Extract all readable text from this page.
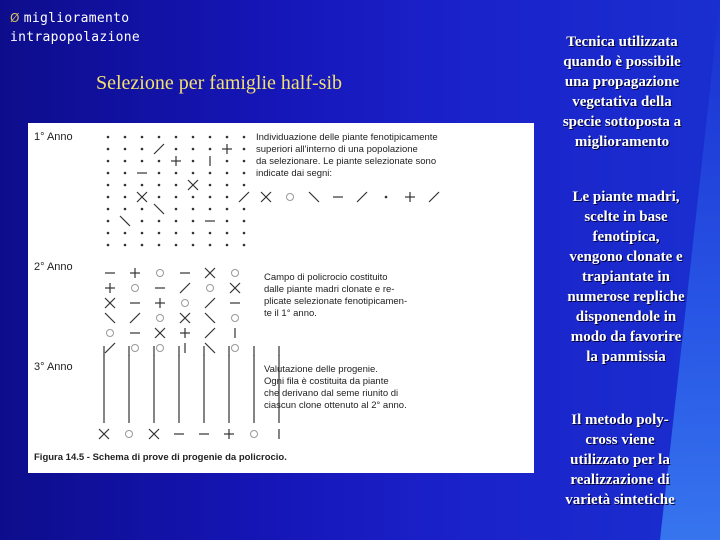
Ø miglioramento
intrapopolazione
Selezione per famiglie half-sib
1° Anno
2° Anno
3° Anno
Individuazione delle piante fenotipicamente
superiori all'interno di una popolazione
da selezionare. Le piante selezionate sono
indicate dai segni:
Campo di policrocio costituito
dalle piante madri clonate e re-
plicate selezionate fenotipicamen-
te il 1° anno.
Valutazione delle progenie.
Ogni fila è costituita da piante
che derivano dal seme riunito di
ciascun clone ottenuto al 2° anno.
Figura 14.5 - Schema di prove di progenie da policrocio.
Tecnica utilizzata
quando è possibile
una propagazione
vegetativa della
specie sottoposta a
miglioramento
Le piante madri,
scelte in base
fenotipica,
vengono clonate e
trapiantate in
numerose repliche
disponendole in
modo da favorire
la panmissia
Il metodo poly-
cross viene
utilizzato per la
realizzazione di
varietà sintetiche
